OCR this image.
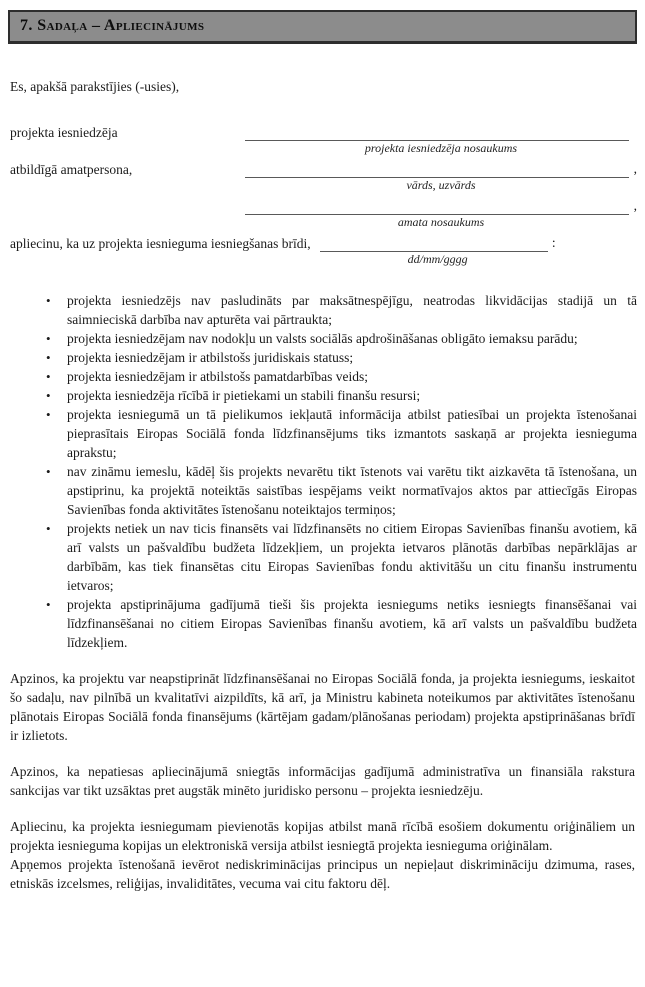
7. Sadaļa – Apliecinājums

Es, apakšā parakstījies (-usies),

projekta iesniedzēja
projekta iesniedzēja nosaukums
atbildīgā amatpersona,	,
vārds, uzvārds
,
amata nosaukums
apliecinu, ka uz projekta iesnieguma iesniegšanas brīdi,	:
dd/mm/gggg
•	projekta iesniedzējs nav pasludināts par maksātnespējīgu, neatrodas likvidācijas stadijā un tā saimnieciskā darbība nav apturēta vai pārtraukta;
•	projekta iesniedzējam nav nodokļu un valsts sociālās apdrošināšanas obligāto iemaksu parādu;
•	projekta iesniedzējam ir atbilstošs juridiskais statuss;
•	projekta iesniedzējam ir atbilstošs pamatdarbības veids;
•	projekta iesniedzēja rīcībā ir pietiekami un stabili finanšu resursi;
•	projekta iesniegumā un tā pielikumos iekļautā informācija atbilst patiesībai un projekta īstenošanai pieprasītais Eiropas Sociālā fonda līdzfinansējums tiks izmantots saskaņā ar projekta iesnieguma aprakstu;
•	nav zināmu iemeslu, kādēļ šis projekts nevarētu tikt īstenots vai varētu tikt aizkavēta tā īstenošana, un apstiprinu, ka projektā noteiktās saistības iespējams veikt normatīvajos aktos par attiecīgās Eiropas Savienības fonda aktivitātes īstenošanu noteiktajos termiņos;
•	projekts netiek un nav ticis finansēts vai līdzfinansēts no citiem Eiropas Savienības finanšu avotiem, kā arī valsts un pašvaldību budžeta līdzekļiem, un projekta ietvaros plānotās darbības nepārklājas ar darbībām, kas tiek finansētas citu Eiropas Savienības fondu aktivitāšu un citu finanšu instrumentu ietvaros;
•	projekta apstiprinājuma gadījumā tieši šis projekta iesniegums netiks iesniegts finansēšanai vai līdzfinansēšanai no citiem Eiropas Savienības finanšu avotiem, kā arī valsts un pašvaldību budžeta līdzekļiem.

Apzinos, ka projektu var neapstiprināt līdzfinansēšanai no Eiropas Sociālā fonda, ja projekta iesniegums, ieskaitot šo sadaļu, nav pilnībā un kvalitatīvi aizpildīts, kā arī, ja Ministru kabineta noteikumos par aktivitātes īstenošanu plānotais Eiropas Sociālā fonda finansējums (kārtējam gadam/plānošanas periodam) projekta apstiprināšanas brīdī ir izlietots.

Apzinos, ka nepatiesas apliecinājumā sniegtās informācijas gadījumā administratīva un finansiāla rakstura sankcijas var tikt uzsāktas pret augstāk minēto juridisko personu – projekta iesniedzēju.

Apliecinu, ka projekta iesniegumam pievienotās kopijas atbilst manā rīcībā esošiem dokumentu oriģināliem un projekta iesnieguma kopijas un elektroniskā versija atbilst iesniegtā projekta iesnieguma oriģinālam.

Apņemos projekta īstenošanā ievērot nediskriminācijas principus un nepieļaut diskrimināciju dzimuma, rases, etniskās izcelsmes, reliģijas, invaliditātes, vecuma vai citu faktoru dēļ.
